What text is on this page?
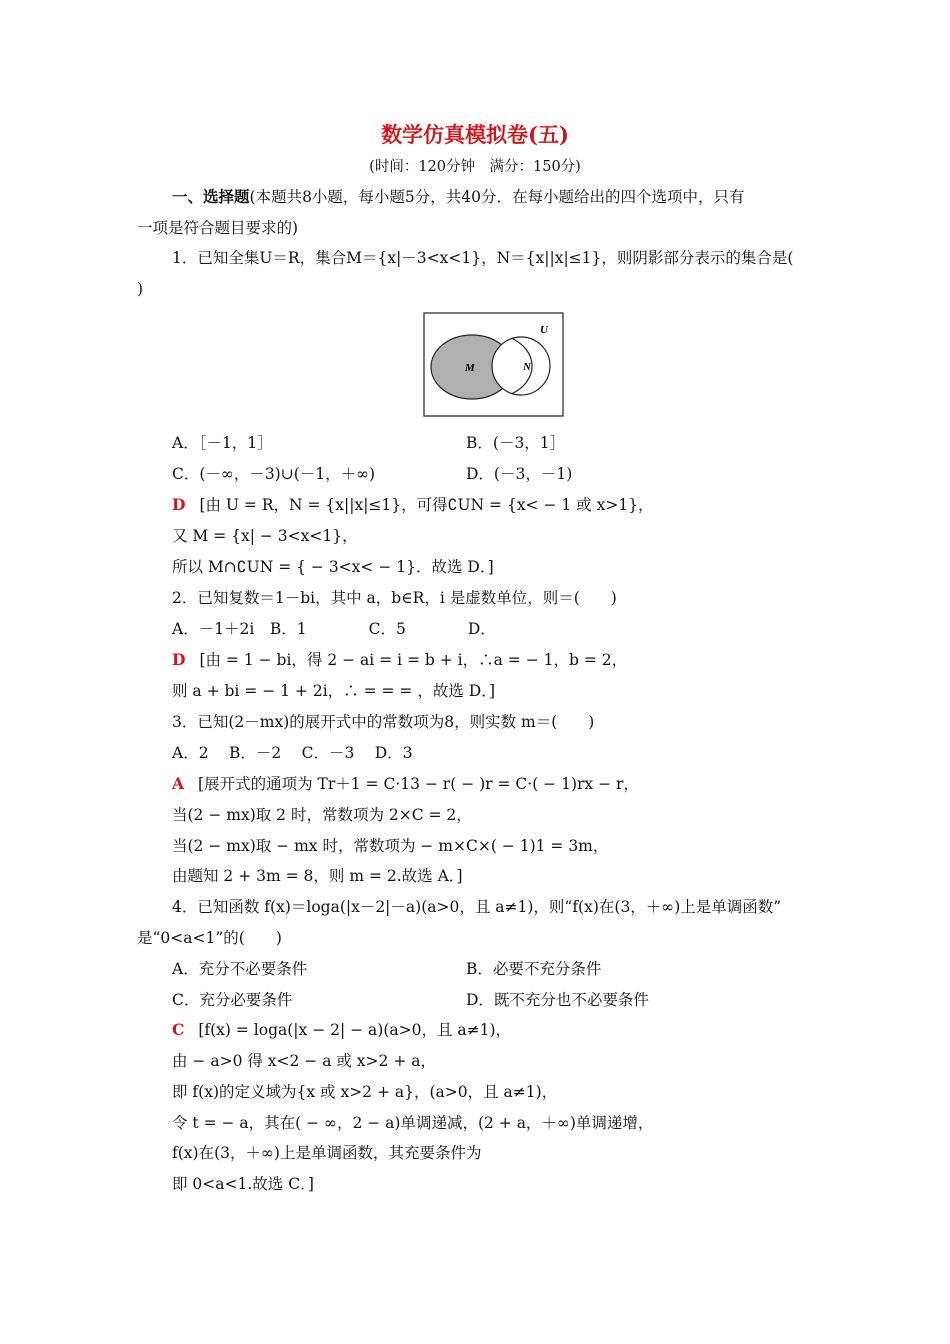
数学仿真模拟卷(五)
(时间：120分钟　满分：150分)
一、选择题(本题共8小题，每小题5分，共40分．在每小题给出的四个选项中，只有
一项是符合题目要求的)
1．已知全集U＝R，集合M＝{x|－3<x<1}，N＝{x||x|≤1}，则阴影部分表示的集合是(
)
U
M	N
A．［－1，1］	B．(－3，1］
C．(－∞，－3)∪(－1，＋∞)	D．(－3，－1)
D [由 U = R，N = {x||x|≤1}，可得∁UN = {x< − 1 或 x>1}，
又 M = {x| − 3<x<1}，
所以 M∩∁UN = { − 3<x< − 1}．故选 D．]
2．已知复数＝1－bi，其中 a，b∈R，i 是虚数单位，则＝(　　)
A．－1＋2i　B．1　　　　C．5　　　　D．
D [由 = 1 − bi，得 2 − ai = i = b + i，∴a = − 1，b = 2，
则 a + bi = − 1 + 2i，∴ = = = ，故选 D．]
3．已知(2－mx)的展开式中的常数项为8，则实数 m＝(　　)
A．2　 B．－2　 C．－3　 D．3
A [展开式的通项为 Tr＋1 = C·13 − r( − )r = C·( − 1)rx − r，
当(2 − mx)取 2 时，常数项为 2×C = 2，
当(2 − mx)取 − mx 时，常数项为 − m×C×( − 1)1 = 3m，
由题知 2 + 3m = 8，则 m = 2.故选 A．]
4．已知函数 f(x)＝loga(|x－2|－a)(a>0，且 a≠1)，则“f(x)在(3，＋∞)上是单调函数”
是“0<a<1”的(　　)
A．充分不必要条件	B．必要不充分条件
C．充分必要条件	D．既不充分也不必要条件
C [f(x) = loga(|x − 2| − a)(a>0，且 a≠1)，
由 − a>0 得 x<2 − a 或 x>2 + a，
即 f(x)的定义域为{x 或 x>2 + a}，(a>0，且 a≠1)，
令 t = − a，其在( − ∞，2 − a)单调递减，(2 + a，＋∞)单调递增，
f(x)在(3，＋∞)上是单调函数，其充要条件为
即 0<a<1.故选 C．]
